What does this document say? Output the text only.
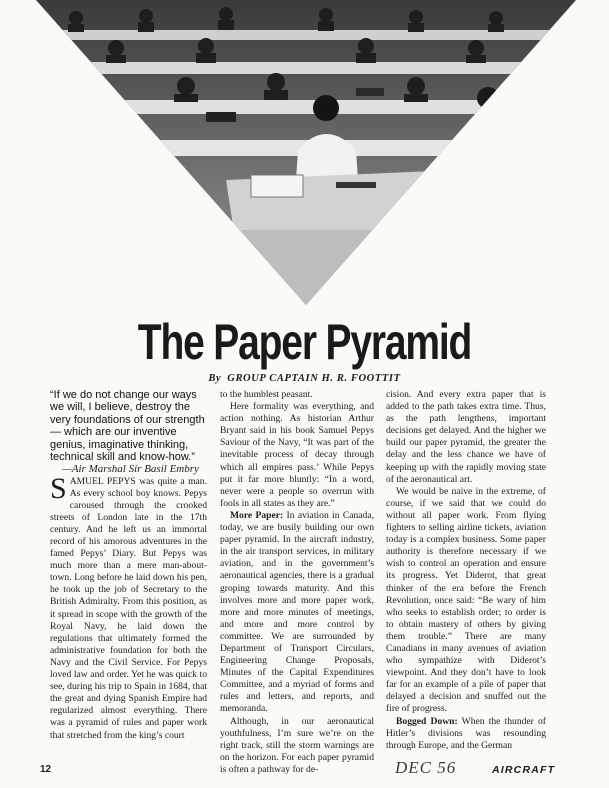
The Paper Pyramid
By GROUP CAPTAIN H. R. FOOTTIT

“If we do not change our ways we will, I believe, destroy the very foundations of our strength — which are our inventive genius, imaginative thinking, technical skill and know-how.”

—Air Marshal Sir Basil Embry

SAMUEL PEPYS was quite a man. As every school boy knows. Pepys caroused through the crooked streets of London late in the 17th century. And he left us an immortal record of his amorous adventures in the famed Pepys’ Diary. But Pepys was much more than a mere man-about-town. Long before he laid down his pen, he took up the job of Secretary to the British Admiralty. From this position, as it spread in scope with the growth of the Royal Navy, he laid down the regulations that ultimately formed the administrative foundation for both the Navy and the Civil Service. For Pepys loved law and order. Yet he was quick to see, during his trip to Spain in 1684, that the great and dying Spanish Empire had regularized almost everything. There was a pyramid of rules and paper work that stretched from the king’s court

to the humblest peasant.

Here formality was everything, and action nothing. As historian Arthur Bryant said in his book Samuel Pepys Saviour of the Navy, “It was part of the inevitable process of decay through which all empires pass.’ While Pepys put it far more bluntly: “In a word, never were a people so overrun with fools in all states as they are.”

More Paper: In aviation in Canada, today, we are busily building our own paper pyramid. In the aircraft industry, in the air transport services, in military aviation, and in the government’s aeronautical agencies, there is a gradual groping towards maturity. And this involves more and more paper work, more and more minutes of meetings, and more and more control by committee. We are surrounded by Department of Transport Circulars, Engineering Change Proposals, Minutes of the Capital Expenditures Committee, and a myriad of forms and rules and letters, and reports, and memoranda.

Although, in our aeronautical youthfulness, I’m sure we’re on the right track, still the storm warnings are on the horizon. For each paper pyramid is often a pathway for de-

cision. And every extra paper that is added to the path takes extra time. Thus, as the path lengthens, important decisions get delayed. And the higher we build our paper pyramid, the greater the delay and the less chance we have of keeping up with the rapidly moving state of the aeronautical art.

We would be naive in the extreme, of course, if we said that we could do without all paper work. From flying fighters to selling airline tickets, aviation today is a complex business. Some paper authority is therefore necessary if we wish to control an operation and ensure its progress. Yet Diderot, that great thinker of the era before the French Revolution, once said: “Be wary of him who seeks to establish order; to order is to obtain mastery of others by giving them trouble.” There are many Canadians in many avenues of aviation who sympathize with Diderot’s viewpoint. And they don’t have to look far for an example of a pile of paper that delayed a decision and snuffed out the fire of progress.

Bogged Down: When the thunder of Hitler’s divisions was resounding through Europe, and the German

12	DEC 56	AIRCRAFT
